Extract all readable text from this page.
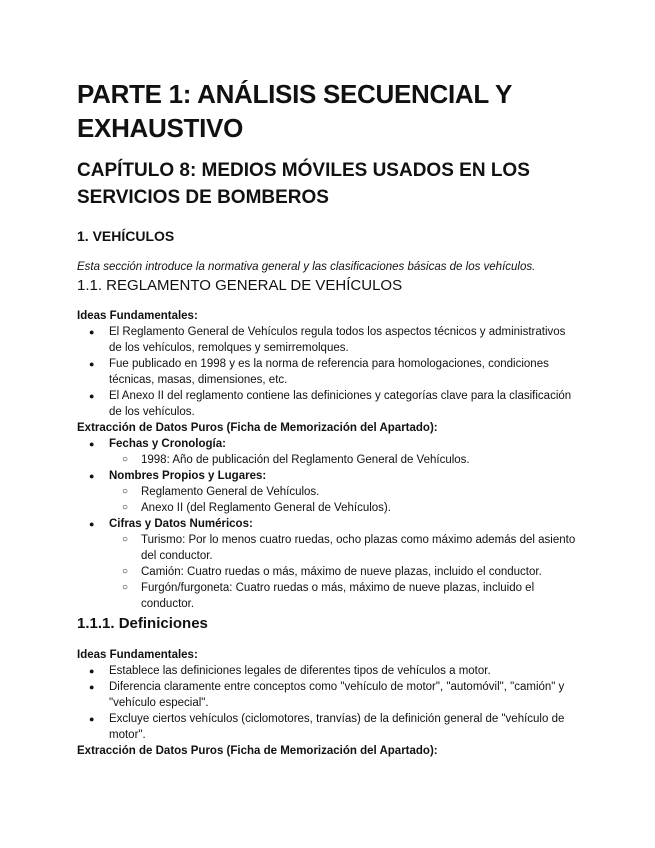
PARTE 1: ANÁLISIS SECUENCIAL Y EXHAUSTIVO
CAPÍTULO 8: MEDIOS MÓVILES USADOS EN LOS SERVICIOS DE BOMBEROS

1. VEHÍCULOS

Esta sección introduce la normativa general y las clasificaciones básicas de los vehículos.

1.1. REGLAMENTO GENERAL DE VEHÍCULOS

Ideas Fundamentales:

● El Reglamento General de Vehículos regula todos los aspectos técnicos y administrativos de los vehículos, remolques y semirremolques.
● Fue publicado en 1998 y es la norma de referencia para homologaciones, condiciones técnicas, masas, dimensiones, etc.
● El Anexo II del reglamento contiene las definiciones y categorías clave para la clasificación de los vehículos.

Extracción de Datos Puros (Ficha de Memorización del Apartado):

● Fechas y Cronología:
○ 1998: Año de publicación del Reglamento General de Vehículos.
● Nombres Propios y Lugares:
○ Reglamento General de Vehículos.
○ Anexo II (del Reglamento General de Vehículos).
● Cifras y Datos Numéricos:
○ Turismo: Por lo menos cuatro ruedas, ocho plazas como máximo además del asiento del conductor.
○ Camión: Cuatro ruedas o más, máximo de nueve plazas, incluido el conductor.
○ Furgón/furgoneta: Cuatro ruedas o más, máximo de nueve plazas, incluido el conductor.

1.1.1. Definiciones

Ideas Fundamentales:

● Establece las definiciones legales de diferentes tipos de vehículos a motor.
● Diferencia claramente entre conceptos como "vehículo de motor", "automóvil", "camión" y "vehículo especial".
● Excluye ciertos vehículos (ciclomotores, tranvías) de la definición general de "vehículo de motor".

Extracción de Datos Puros (Ficha de Memorización del Apartado):
